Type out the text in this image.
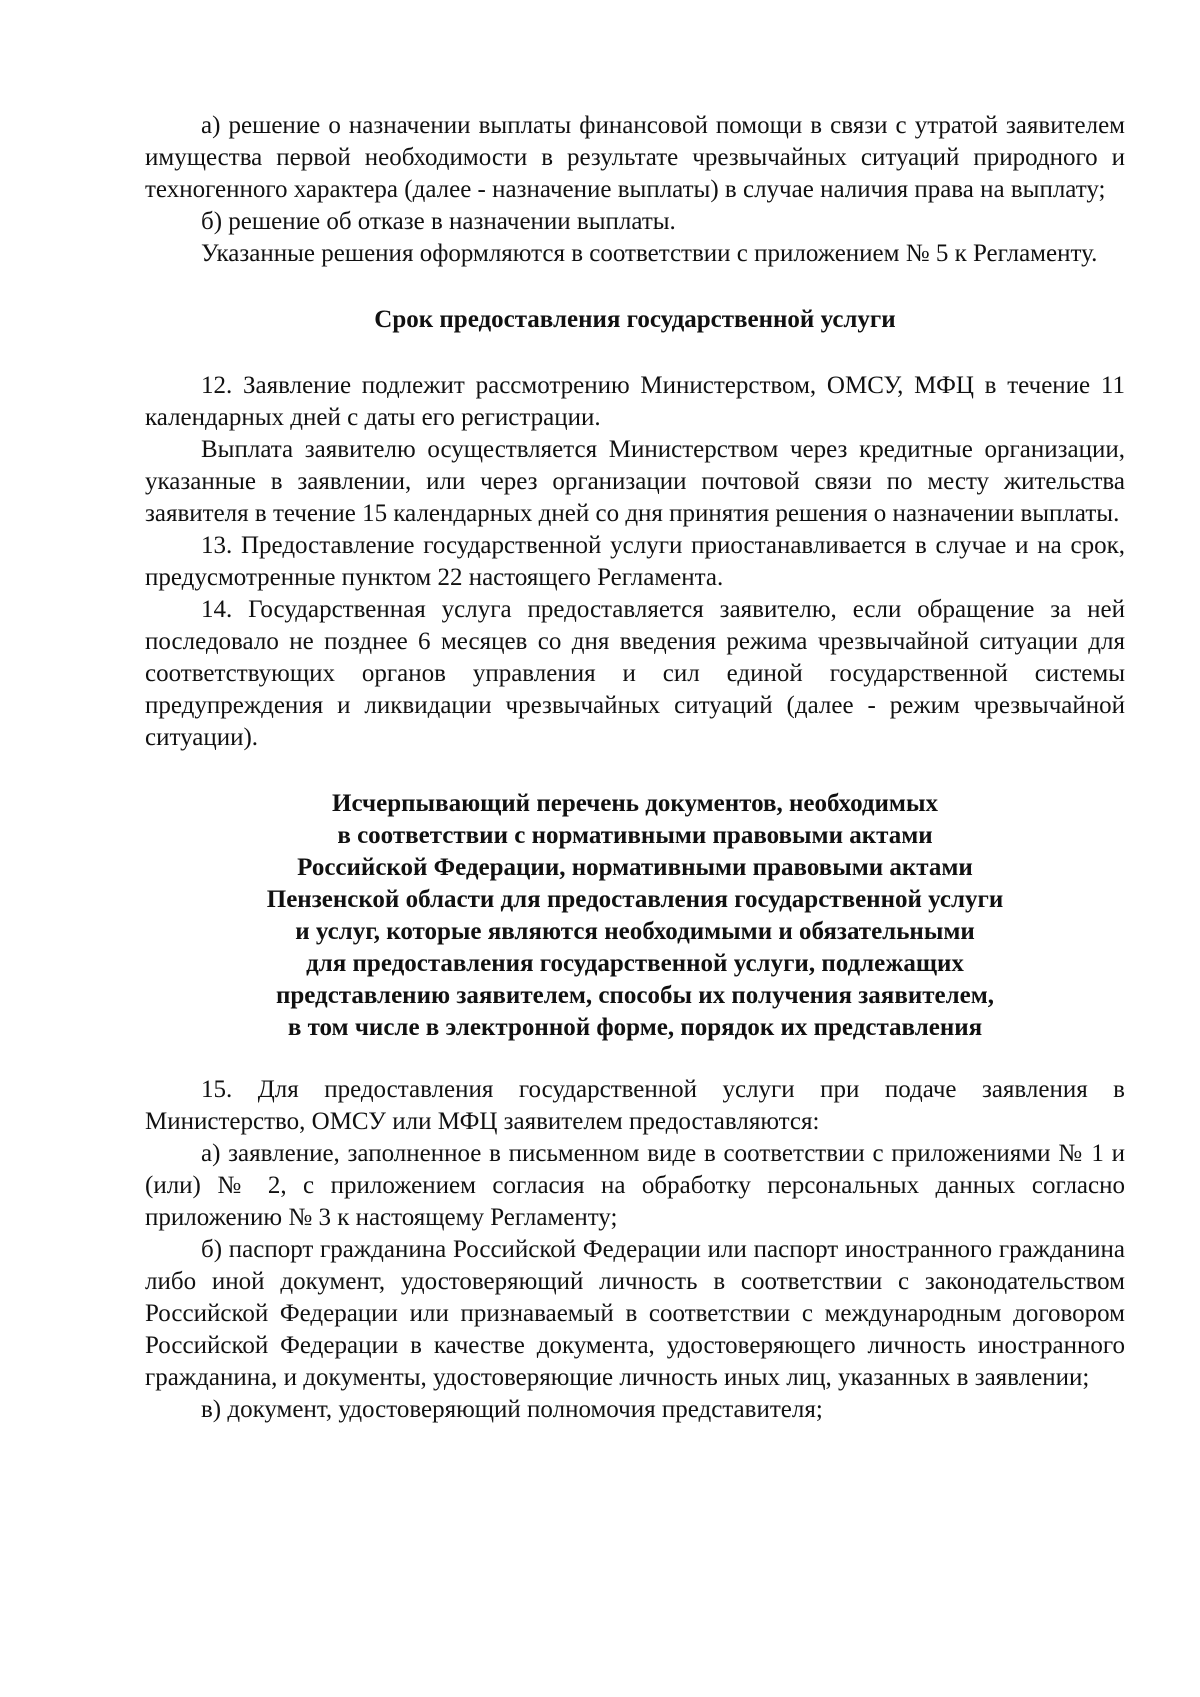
а) решение о назначении выплаты финансовой помощи в связи с утратой заявителем имущества первой необходимости в результате чрезвычайных ситуаций природного и техногенного характера (далее - назначение выплаты) в случае наличия права на выплату;

б) решение об отказе в назначении выплаты.

Указанные решения оформляются в соответствии с приложением № 5 к Регламенту.

Срок предоставления государственной услуги

12. Заявление подлежит рассмотрению Министерством, ОМСУ, МФЦ в течение 11 календарных дней с даты его регистрации.

Выплата заявителю осуществляется Министерством через кредитные организации, указанные в заявлении, или через организации почтовой связи по месту жительства заявителя в течение 15 календарных дней со дня принятия решения о назначении выплаты.

13. Предоставление государственной услуги приостанавливается в случае и на срок, предусмотренные пунктом 22 настоящего Регламента.

14. Государственная услуга предоставляется заявителю, если обращение за ней последовало не позднее 6 месяцев со дня введения режима чрезвычайной ситуации для соответствующих органов управления и сил единой государственной системы предупреждения и ликвидации чрезвычайных ситуаций (далее - режим чрезвычайной ситуации).

Исчерпывающий перечень документов, необходимых
в соответствии с нормативными правовыми актами
Российской Федерации, нормативными правовыми актами
Пензенской области для предоставления государственной услуги
и услуг, которые являются необходимыми и обязательными
для предоставления государственной услуги, подлежащих
представлению заявителем, способы их получения заявителем,
в том числе в электронной форме, порядок их представления

15. Для предоставления государственной услуги при подаче заявления в Министерство, ОМСУ или МФЦ заявителем предоставляются:

а) заявление, заполненное в письменном виде в соответствии с приложениями № 1 и (или) № 2, с приложением согласия на обработку персональных данных согласно приложению № 3 к настоящему Регламенту;

б) паспорт гражданина Российской Федерации или паспорт иностранного гражданина либо иной документ, удостоверяющий личность в соответствии с законодательством Российской Федерации или признаваемый в соответствии с международным договором Российской Федерации в качестве документа, удостоверяющего личность иностранного гражданина, и документы, удостоверяющие личность иных лиц, указанных в заявлении;

в) документ, удостоверяющий полномочия представителя;
